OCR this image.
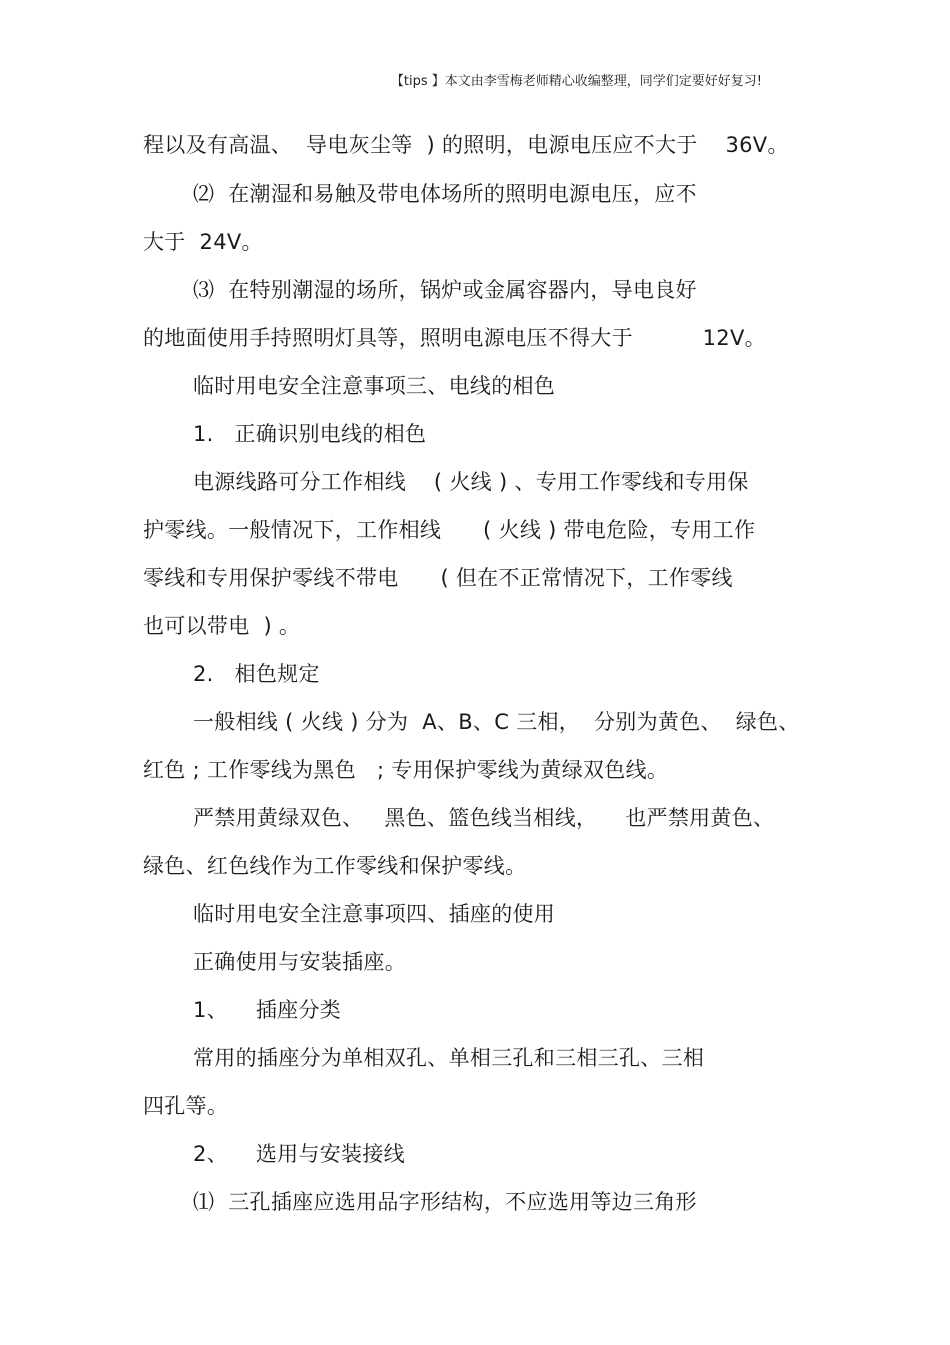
【tips 】本文由李雪梅老师精心收编整理，同学们定要好好复习!
程以及有高温、  导电灰尘等  ) 的照明，电源电压应不大于    36V。
⑵  在潮湿和易触及带电体场所的照明电源电压，应不
大于  24V。
⑶  在特别潮湿的场所，锅炉或金属容器内，导电良好
的地面使用手持照明灯具等，照明电源电压不得大于          12V。
临时用电安全注意事项三、电线的相色
1.   正确识别电线的相色
电源线路可分工作相线    ( 火线 ) 、专用工作零线和专用保
护零线。一般情况下，工作相线      ( 火线 ) 带电危险，专用工作
零线和专用保护零线不带电      ( 但在不正常情况下，工作零线
也可以带电  ) 。
2.   相色规定
一般相线 ( 火线 ) 分为  A、B、C 三相，  分别为黄色、  绿色、
红色 ; 工作零线为黑色   ; 专用保护零线为黄绿双色线。
严禁用黄绿双色、   黑色、篮色线当相线，    也严禁用黄色、
绿色、红色线作为工作零线和保护零线。
临时用电安全注意事项四、插座的使用
正确使用与安装插座。
1、    插座分类
常用的插座分为单相双孔、单相三孔和三相三孔、三相
四孔等。
2、    选用与安装接线
⑴  三孔插座应选用品字形结构，不应选用等边三角形
